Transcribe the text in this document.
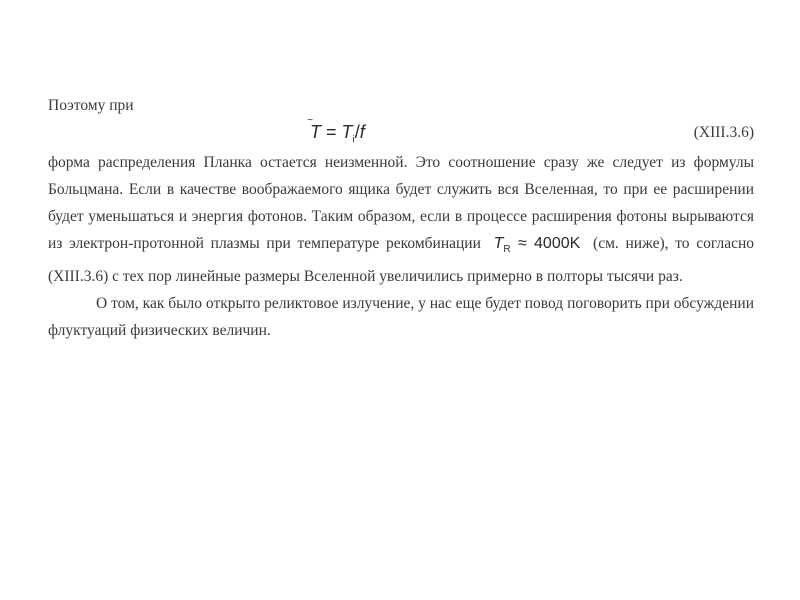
Поэтому при

~ $T = T_i/f$	(XIII.3.6)

форма распределения Планка остается неизменной. Это соотношение сразу же следует из формулы Больцмана. Если в качестве воображаемого ящика будет служить вся Вселенная, то при ее расширении будет уменьшаться и энергия фотонов. Таким образом, если в процессе расширения фотоны вырываются из электрон-протонной плазмы при температуре рекомбинации $T_R \approx 4000K$ (см. ниже), то согласно (XIII.3.6) с тех пор линейные размеры Вселенной увеличились примерно в полторы тысячи раз.

О том, как было открыто реликтовое излучение, у нас еще будет повод поговорить при обсуждении флуктуаций физических величин.
